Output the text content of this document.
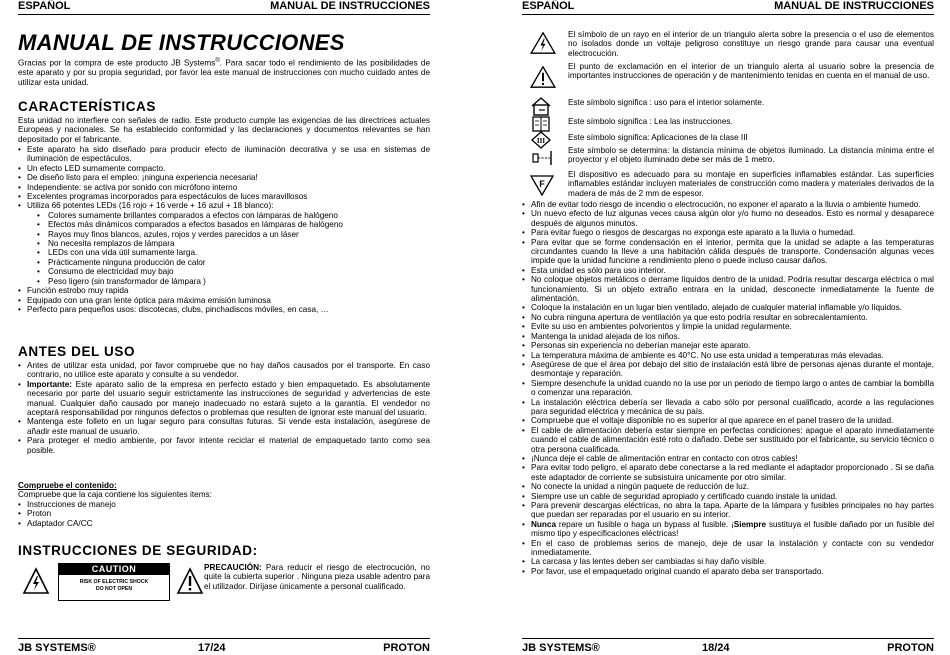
ESPAÑOL	MANUAL DE INSTRUCCIONES
MANUAL DE INSTRUCCIONES

Gracias por la compra de este producto JB Systems®. Para sacar todo el rendimiento de las posibilidades de este aparato y por su propia seguridad, por favor lea este manual de instrucciones con mucho cuidado antes de utilizar esta unidad.

CARACTERÍSTICAS

Esta unidad no interfiere con señales de radio. Este producto cumple las exigencias de las directrices actuales Europeas y nacionales. Se ha establecido conformidad y las declaraciones y documentos relevantes se han depositado por el fabricante.

• Este aparato ha sido diseñado para producir efecto de iluminación decorativa y se usa en sistemas de iluminación de espectáculos.
• Un efecto LED sumamente compacto.
• De diseño listo para el empleo: ¡ninguna experiencia necesaria!
• Independiente: se activa por sonido con micrófono interno
• Excelentes programas incorporados para espectáculos de luces maravillosos
• Utiliza 66 potentes LEDs (16 rojo + 16 verde + 16 azul + 18 blanco):
• Colores sumamente brillantes comparados a efectos con lámparas de halógeno
• Efectos más dinámicos comparados a efectos basados en lámparas de halógeno
• Rayos muy finos blancos, azules, rojos y verdes parecidos a un láser
• No necesita remplazos de lámpara
• LEDs con una vida útil sumamente larga.
• Prácticamente ninguna producción de calor
• Consumo de electricidad muy bajo
• Peso ligero (sin transformador de lámpara )
• Función estrobo muy rapida
• Equipado con una gran lente óptica para máxima emisión luminosa
• Perfecto para pequeños usos: discotecas, clubs, pinchadiscos móviles, en casa, …
ANTES DEL USO
• Antes de utilizar esta unidad, por favor compruebe que no hay daños causados por el transporte. En caso contrario, no utilice este aparato y consulte a su vendedor.
• Importante: Este aparato salio de la empresa en perfecto estado y bien empaquetado. Es absolutamente necesario por parte del usuario seguir estrictamente las instrucciones de seguridad y advertencias de este manual. Cualquier daño causado por manejo inadecuado no estará sujeto a la garantía. El vendedor no aceptará responsabilidad por ningunos defectos o problemas que resulten de ignorar este manual del usuario.
• Mantenga este folleto en un lugar seguro para consultas futuras. Si vende esta instalación, asegúrese de añadir este manual de usuario.
• Para proteger el medio ambiente, por favor intente reciclar el material de empaquetado tanto como sea posible.
Compruebe el contenido:
Compruebe que la caja contiene los siguientes items:
• Instrucciones de manejo
• Proton
• Adaptador CA/CC
INSTRUCCIONES DE SEGURIDAD:
CAUTION
RISK OF ELECTRIC SHOCK
DO NOT OPEN

PRECAUCIÓN: Para reducir el riesgo de electrocución, no quite la cubierta superior . Ninguna pieza usable adentro para el utilizador. Diríjase únicamente a personal cualificado.

JB SYSTEMS®	17/24	PROTON
ESPAÑOL	MANUAL DE INSTRUCCIONES
El símbolo de un rayo en el interior de un triangulo alerta sobre la presencia o el uso de elementos no isolados donde un voltaje peligroso constituye un riesgo grande para causar una eventual electrocución.
El punto de exclamación en el interior de un triangulo alerta al usuario sobre la presencia de importantes instrucciones de operación y de mantenimiento tenidas en cuenta en el manual de uso.
Este símbolo significa : uso para el interior solamente.
Este símbolo significa : Lea las instrucciones.
III	Este símbolo significa: Aplicaciones de la clase III
Este símbolo se determina: la distancia mínima de objetos iluminado. La distancia mínima entre el proyector y el objeto iluminado debe ser más de 1 metro.
F
El dispositivo es adecuado para su montaje en superficies inflamables estándar. Las superficies inflamables estándar incluyen materiales de construcción como madera y materiales derivados de la madera de más de 2 mm de espesor.
• Afin de evitar todo riesgo de incendio o electrocución, no exponer el aparato a la lluvia o ambiente humedo.
• Un nuevo efecto de luz algunas veces causa algún olor y/o humo no deseados. Esto es normal y desaparece después de algunos minutos.
• Para evitar fuego o riesgos de descargas no exponga este aparato a la lluvia o humedad.
• Para evitar que se forme condensación en el interior, permita que la unidad se adapte a las temperaturas circundantes cuando la lleve a una habitación cálida después de transporte. Condensación algunas veces impide que la unidad funcione a rendimiento pleno o puede incluso causar daños.
• Esta unidad es sólo para uso interior.
• No coloque objetos metálicos o derrame líquidos dentro de la unidad. Podría resultar descarga eléctrica o mal funcionamiento. Si un objeto extraño entrara en la unidad, desconecte inmediatamente la fuente de alimentación.
• Coloque la instalación en un lugar bien ventilado, alejado de cualquier material inflamable y/o líquidos.
• No cubra ninguna apertura de ventilación ya que esto podría resultar en sobrecalentamiento.
• Evite su uso en ambientes polvorientos y limpie la unidad regularmente.
• Mantenga la unidad alejada de los niños.
• Personas sin experiencia no deberían manejar este aparato.
• La temperatura máxima de ambiente es 40°C. No use esta unidad a temperaturas más elevadas.
• Asegúrese de que el área por debajo del sitio de instalación está libre de personas ajenas durante el montaje, desmontaje y reparación.
• Siempre desenchufe la unidad cuando no la use por un periodo de tiempo largo o antes de cambiar la bombilla o comenzar una reparación.
• La instalación eléctrica debería ser llevada a cabo sólo por personal cualificado, acorde a las regulaciones para seguridad eléctrica y mecánica de su país.
• Compruebe que el voltaje disponible no es superior al que aparece en el panel trasero de la unidad.
• El cable de alimentación debería estar siempre en perfectas condiciones: apague el aparato inmediatamente cuando el cable de alimentación esté roto o dañado. Debe ser sustituido por el fabricante, su servicio técnico o otra persona cualificada.
• ¡Nunca deje el cable de alimentación entrar en contacto con otros cables!
• Para evitar todo peligro, el aparato debe conectarse a la red mediante el adaptador proporcionado . Si se daña este adaptador de corriente se subsistuira unicamente por otro similar.
• No conecte la unidad a ningún paquete de reducción de luz.
• Siempre use un cable de seguridad apropiado y certificado cuando instale la unidad.
• Para prevenir descargas eléctricas, no abra la tapa. Aparte de la lámpara y fusibles principales no hay partes que puedan ser reparadas por el usuario en su interior.
• Nunca repare un fusible o haga un bypass al fusible. ¡Siempre sustituya el fusible dañado por un fusible del mismo tipo y especificaciones eléctricas!
• En el caso de problemas serios de manejo, deje de usar la instalación y contacte con su vendedor inmediatamente.
• La carcasa y las lentes deben ser cambiadas si hay daño visible.
• Por favor, use el empaquetado original cuando el aparato deba ser transportado.
JB SYSTEMS®	18/24	PROTON
